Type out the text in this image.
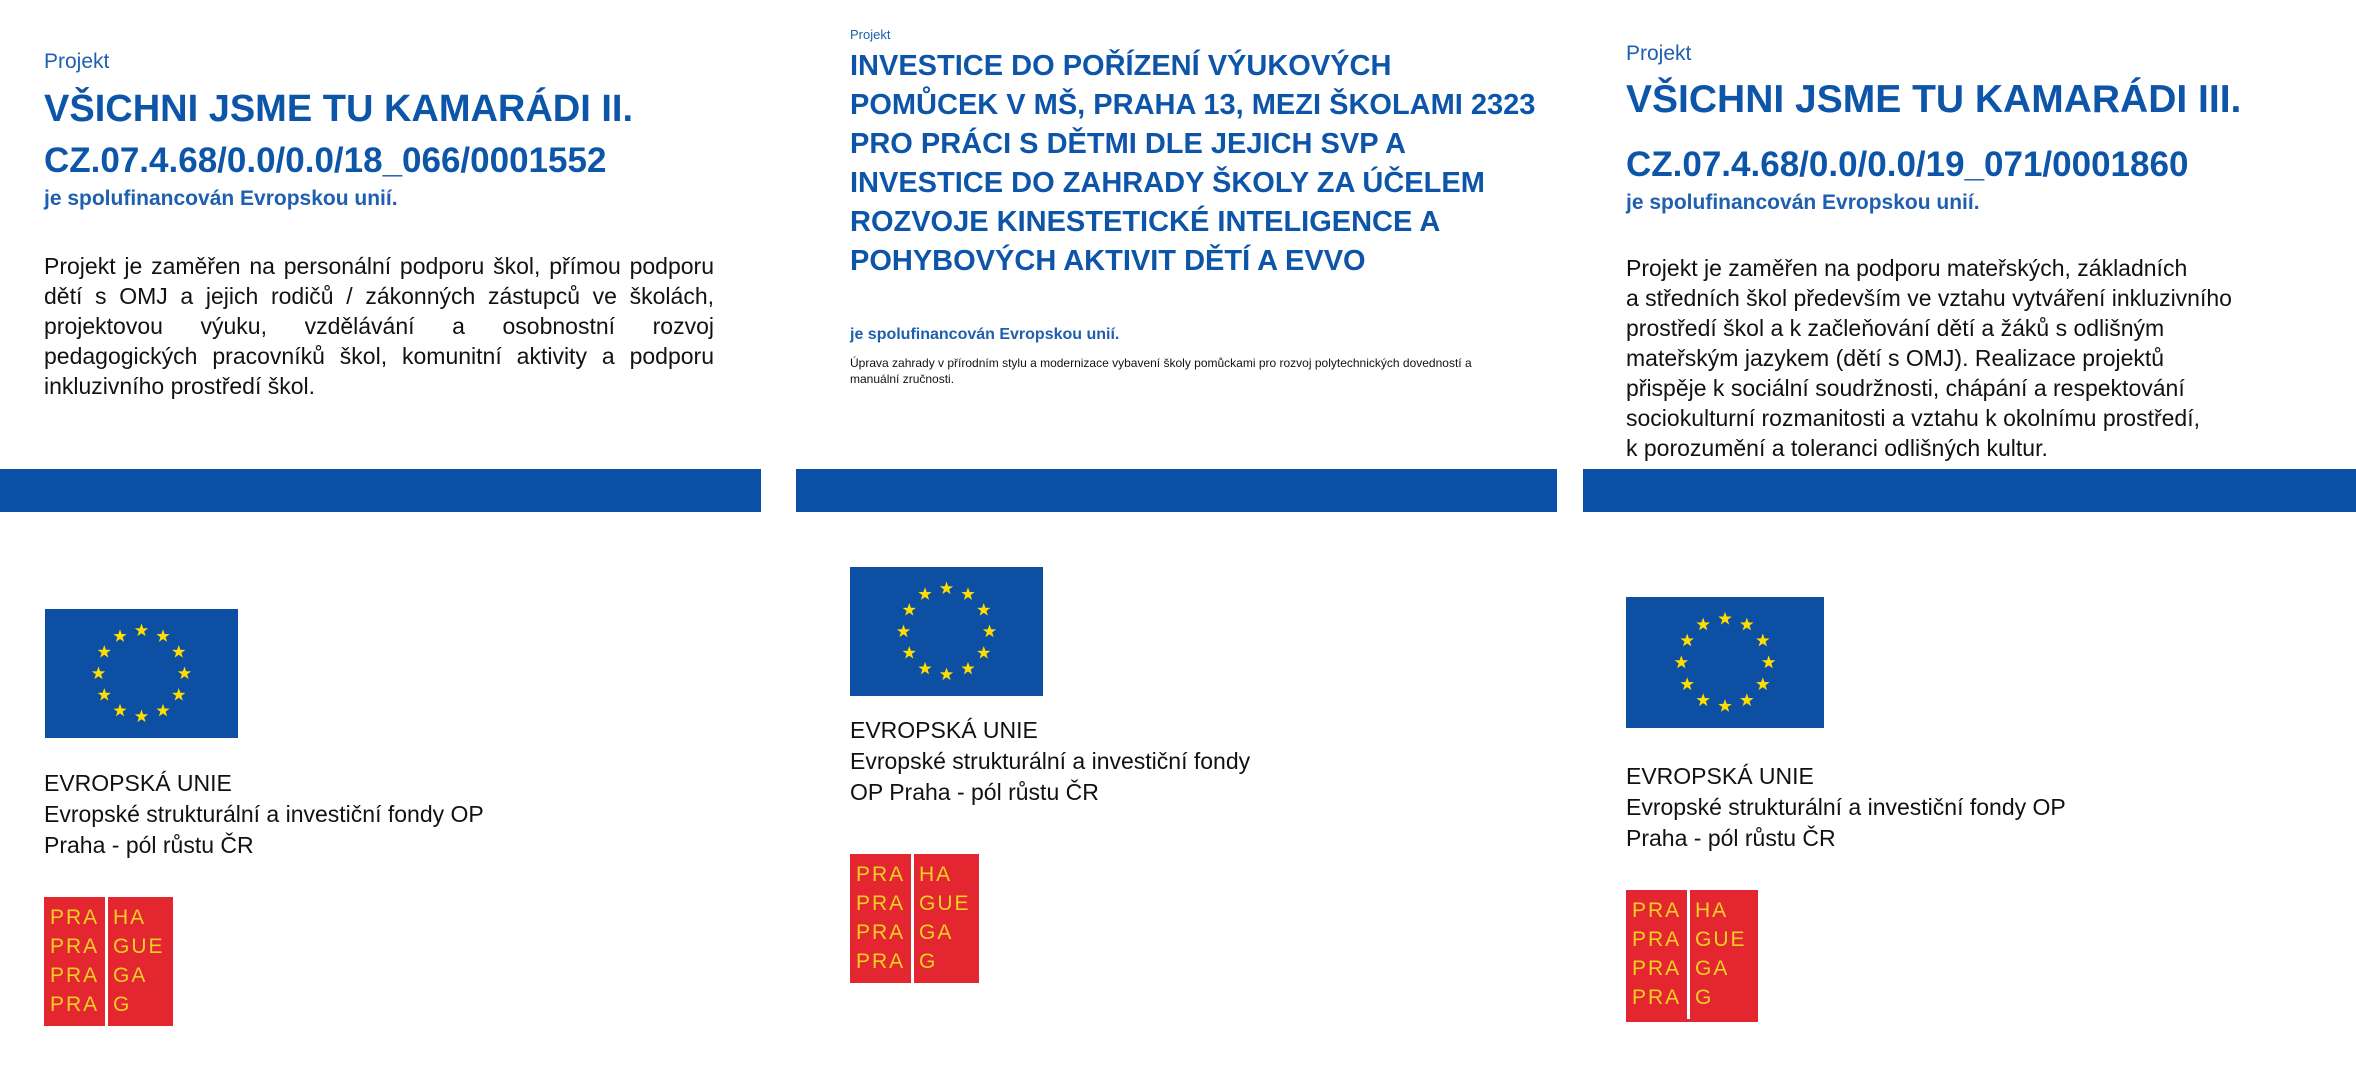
Projekt
VŠICHNI JSME TU KAMARÁDI II.
CZ.07.4.68/0.0/0.0/18_066/0001552
je spolufinancován Evropskou unií.

Projekt je zaměřen na personální podporu škol, přímou podporu dětí s OMJ a jejich rodičů / zákonných zástupců ve školách, projektovou výuku, vzdělávání a osobnostní rozvoj pedagogických pracovníků škol, komunitní aktivity a podporu inkluzivního prostředí škol.

EVROPSKÁ UNIE
Evropské strukturální a investiční fondy OP
Praha - pól růstu ČR
PRA
PRA
PRA
PRA
HA
GUE
GA
G
Projekt
INVESTICE DO POŘÍZENÍ VÝUKOVÝCH POMŮCEK V MŠ, PRAHA 13, MEZI ŠKOLAMI 2323 PRO PRÁCI S DĚTMI DLE JEJICH SVP A INVESTICE DO ZAHRADY ŠKOLY ZA ÚČELEM ROZVOJE KINESTETICKÉ INTELIGENCE A POHYBOVÝCH AKTIVIT DĚTÍ A EVVO
je spolufinancován Evropskou unií.

Úprava zahrady v přírodním stylu a modernizace vybavení školy pomůckami pro rozvoj polytechnických dovedností a manuální zručnosti.

EVROPSKÁ UNIE
Evropské strukturální a investiční fondy
OP Praha - pól růstu ČR
PRA
PRA
PRA
PRA
HA
GUE
GA
G
Projekt
VŠICHNI JSME TU KAMARÁDI III.
CZ.07.4.68/0.0/0.0/19_071/0001860
je spolufinancován Evropskou unií.
Projekt je zaměřen na podporu mateřských, základních
a středních škol především ve vztahu vytváření inkluzivního
prostředí škol a k začleňování dětí a žáků s odlišným
mateřským jazykem (dětí s OMJ). Realizace projektů
přispěje k sociální soudržnosti, chápání a respektování
sociokulturní rozmanitosti a vztahu k okolnímu prostředí,
k porozumění a toleranci odlišných kultur.
EVROPSKÁ UNIE
Evropské strukturální a investiční fondy OP
Praha - pól růstu ČR
PRA
PRA
PRA
PRA
HA
GUE
GA
G
